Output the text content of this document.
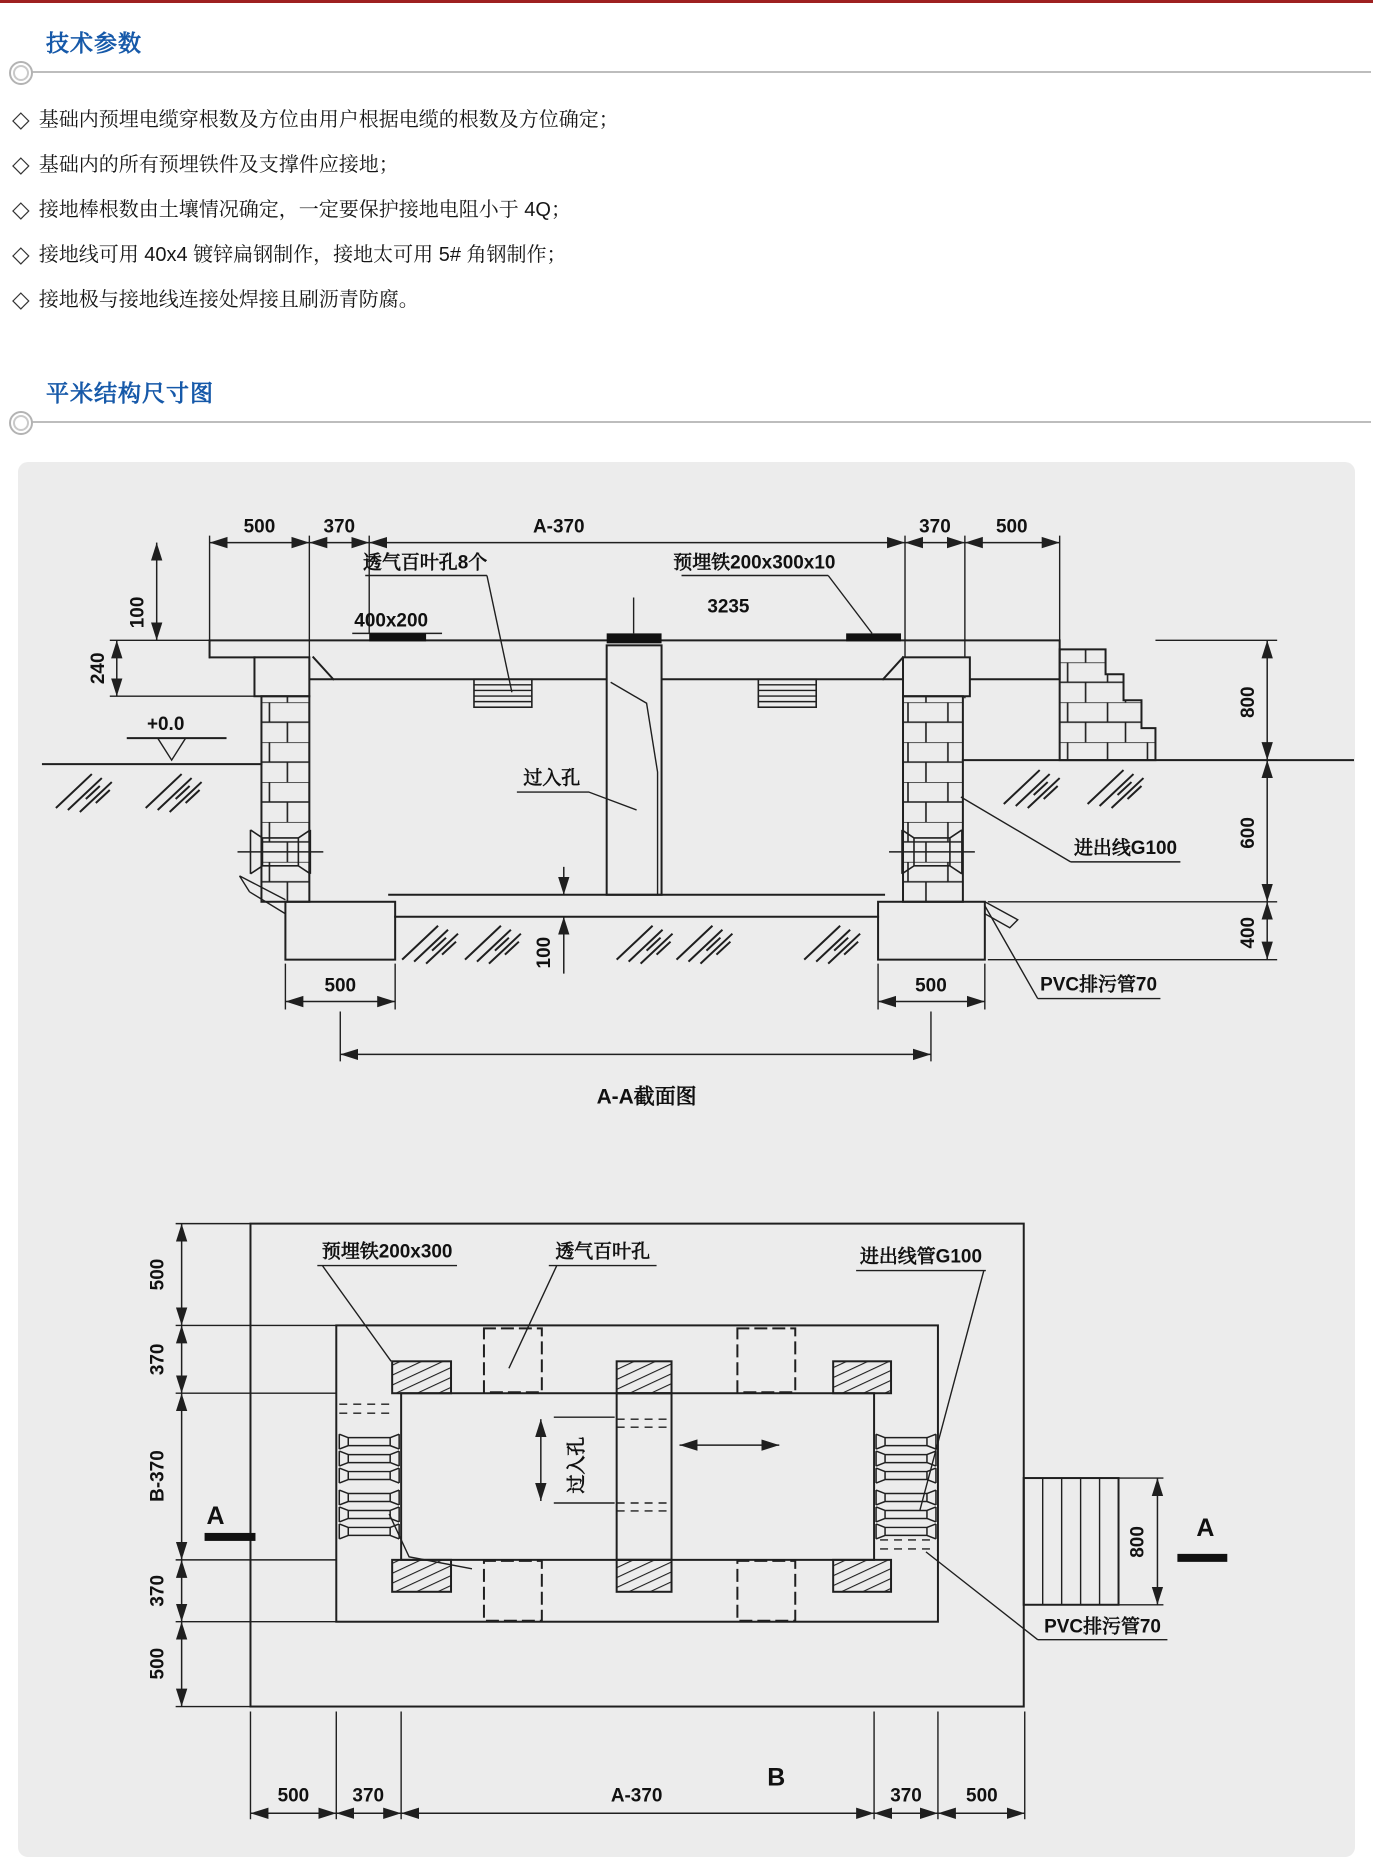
技术参数
◇ 基础内预埋电缆穿根数及方位由用户根据电缆的根数及方位确定；
◇ 基础内的所有预埋铁件及支撑件应接地；
◇ 接地棒根数由土壤情况确定，一定要保护接地电阻小于 4Q；
◇ 接地线可用 40x4 镀锌扁钢制作，接地太可用 5# 角钢制作；
◇ 接地极与接地线连接处焊接且刷沥青防腐。
平米结构尺寸图
500	370	A-370	370 500
透气百叶孔8个	预埋铁200x300x10
3235
400x200
+0.0
100
240
800
600
400
100
500	500
过入孔
进出线G100
PVC排污管70
A-A截面图
过入孔
800
A	A
500
370
B-370
370
500
500 370	A-370	370 500
B
预埋铁200x300	透气百叶孔	进出线管G100
PVC排污管70
